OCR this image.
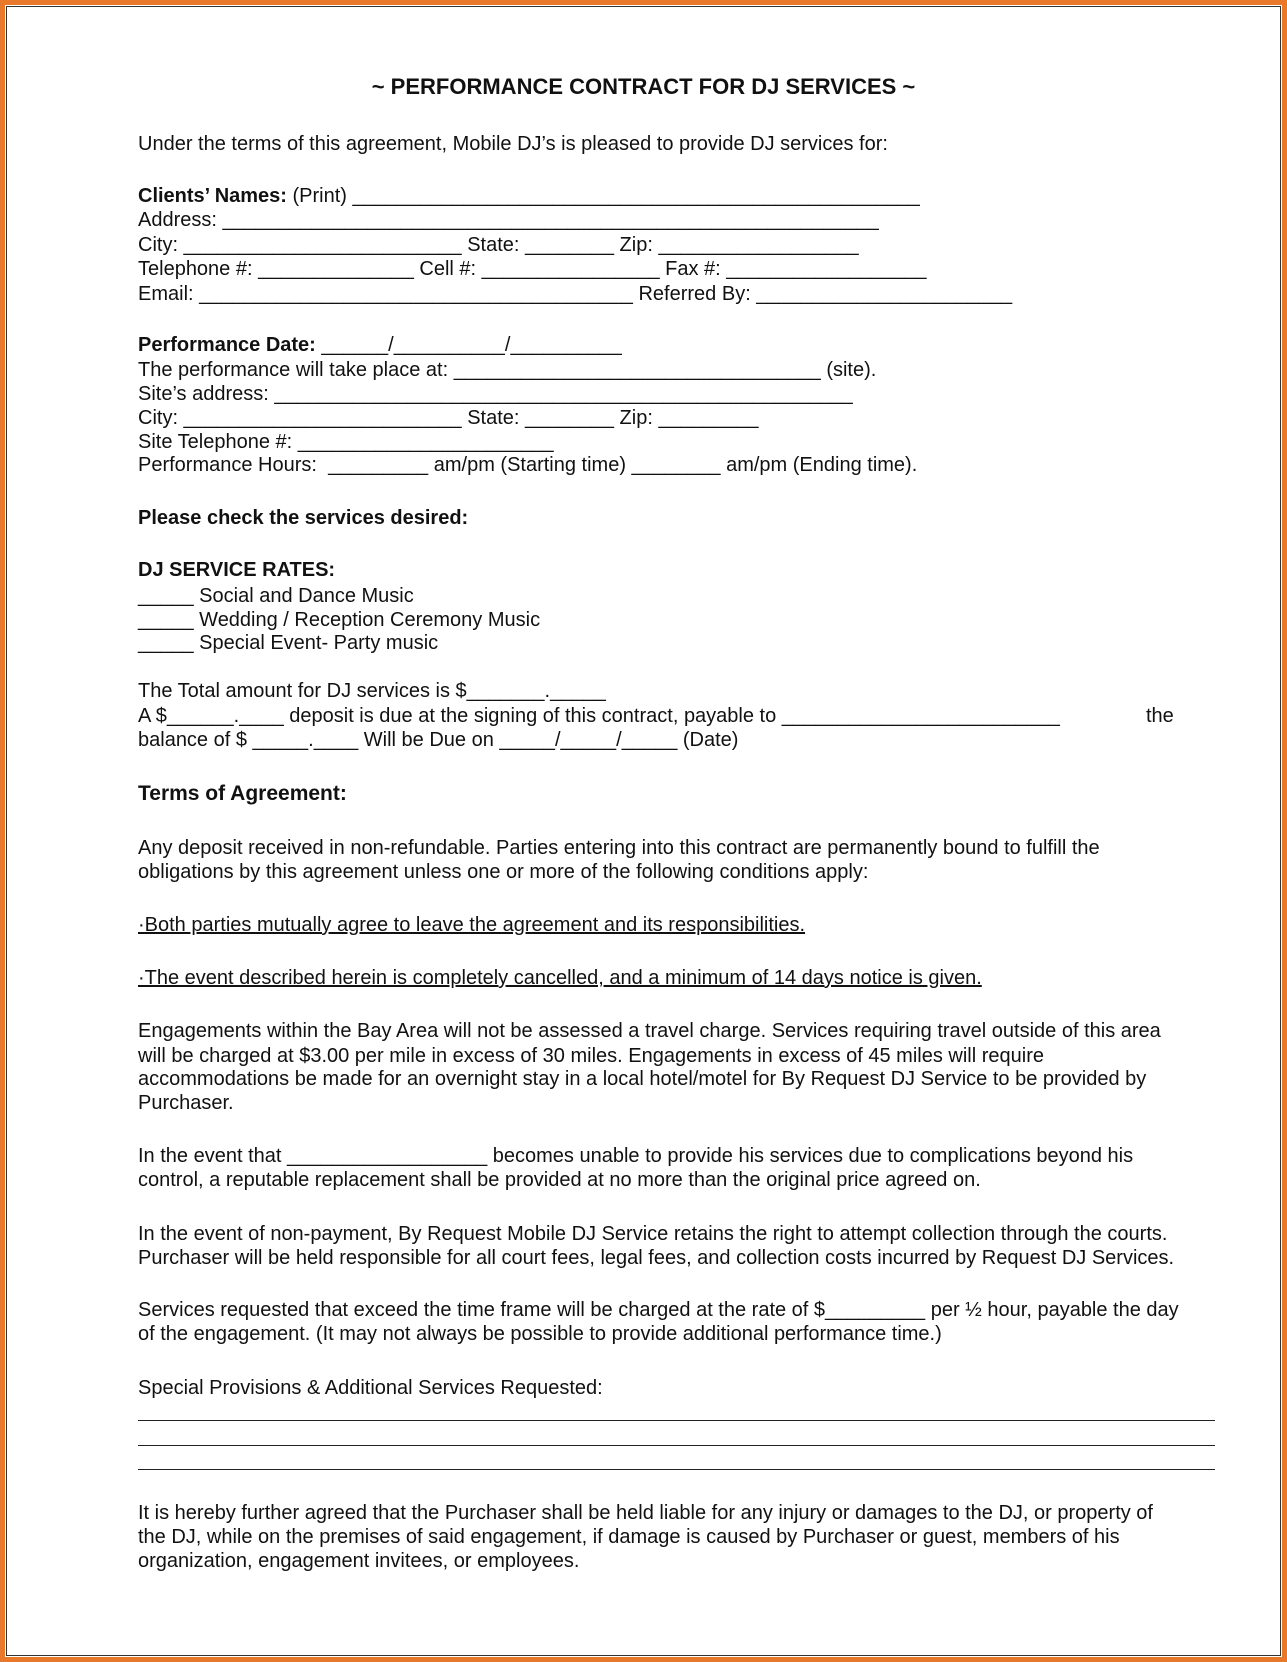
~ PERFORMANCE CONTRACT FOR DJ SERVICES ~
Under the terms of this agreement, Mobile DJ’s is pleased to provide DJ services for:
Clients’ Names: (Print) ___________________________________________________
Address: ___________________________________________________________
City: _________________________ State: ________ Zip: __________________
Telephone #: ______________ Cell #: ________________ Fax #: __________________
Email: _______________________________________ Referred By: _______________________
Performance Date: ______/__________/__________
The performance will take place at: _________________________________ (site).
Site’s address: ____________________________________________________
City: _________________________ State: ________ Zip: _________
Site Telephone #: _______________________
Performance Hours:  _________ am/pm (Starting time) ________ am/pm (Ending time).
Please check the services desired:
DJ SERVICE RATES:
_____ Social and Dance Music
_____ Wedding / Reception Ceremony Music
_____ Special Event- Party music
The Total amount for DJ services is $_______._____
A $______.____ deposit is due at the signing of this contract, payable to _________________________	the
balance of $ _____.____ Will be Due on _____/_____/_____ (Date)
Terms of Agreement:
Any deposit received in non-refundable. Parties entering into this contract are permanently bound to fulfill the
obligations by this agreement unless one or more of the following conditions apply:
·Both parties mutually agree to leave the agreement and its responsibilities.
·The event described herein is completely cancelled, and a minimum of 14 days notice is given.
Engagements within the Bay Area will not be assessed a travel charge. Services requiring travel outside of this area
will be charged at $3.00 per mile in excess of 30 miles. Engagements in excess of 45 miles will require
accommodations be made for an overnight stay in a local hotel/motel for By Request DJ Service to be provided by
Purchaser.
In the event that __________________ becomes unable to provide his services due to complications beyond his
control, a reputable replacement shall be provided at no more than the original price agreed on.
In the event of non-payment, By Request Mobile DJ Service retains the right to attempt collection through the courts.
Purchaser will be held responsible for all court fees, legal fees, and collection costs incurred by Request DJ Services.
Services requested that exceed the time frame will be charged at the rate of $_________ per ½ hour, payable the day
of the engagement. (It may not always be possible to provide additional performance time.)
Special Provisions & Additional Services Requested:
It is hereby further agreed that the Purchaser shall be held liable for any injury or damages to the DJ, or property of
the DJ, while on the premises of said engagement, if damage is caused by Purchaser or guest, members of his
organization, engagement invitees, or employees.
